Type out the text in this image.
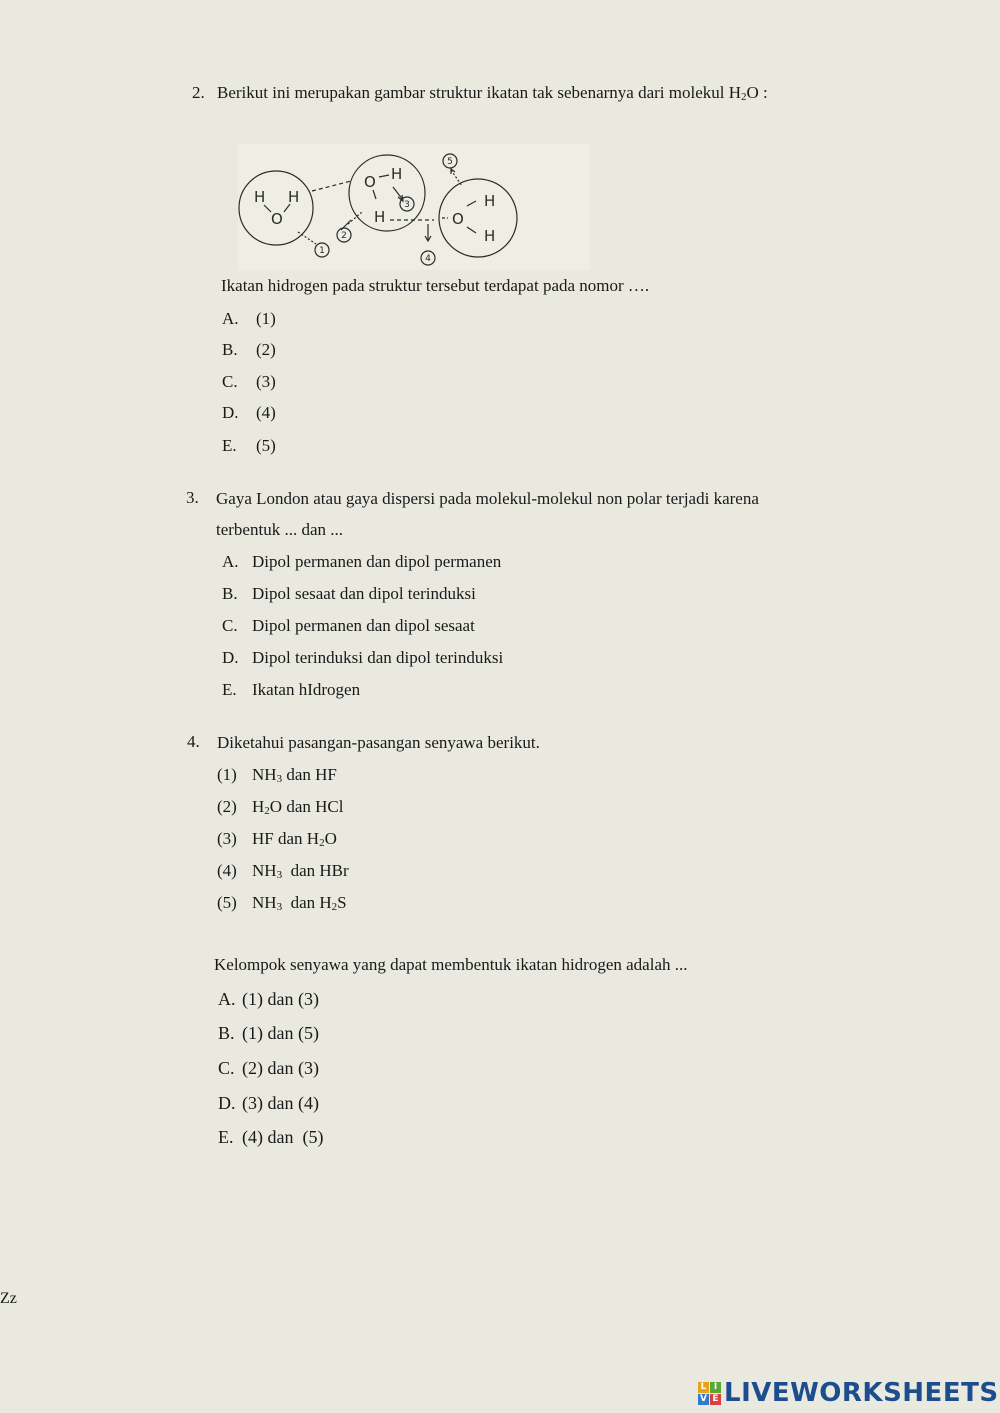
2. Berikut ini merupakan gambar struktur ikatan tak sebenarnya dari molekul $H_2O$ :
H H
O
O H
H	O
H
H
1
2
3
4
5
Ikatan hidrogen pada struktur tersebut terdapat pada nomor ….
A. (1)
B. (2)
C. (3)
D. (4)
E. (5)
3. Gaya London atau gaya dispersi pada molekul-molekul non polar terjadi karena
terbentuk ... dan ...
A. Dipol permanen dan dipol permanen
B. Dipol sesaat dan dipol terinduksi
C. Dipol permanen dan dipol sesaat
D. Dipol terinduksi dan dipol terinduksi
E. Ikatan hIdrogen
4. Diketahui pasangan-pasangan senyawa berikut.
(1) $NH_3$ dan HF
(2) $H_2O$ dan HCl
(3) HF dan $H_2O$
(4) $NH_3$  dan HBr
(5) $NH_3$  dan $H_2S$
Kelompok senyawa yang dapat membentuk ikatan hidrogen adalah ...
A. (1) dan (3)
B. (1) dan (5)
C. (2) dan (3)
D. (3) dan (4)
E. (4) dan  (5)
Zz
L I
V E LIVEWORKSHEETS
